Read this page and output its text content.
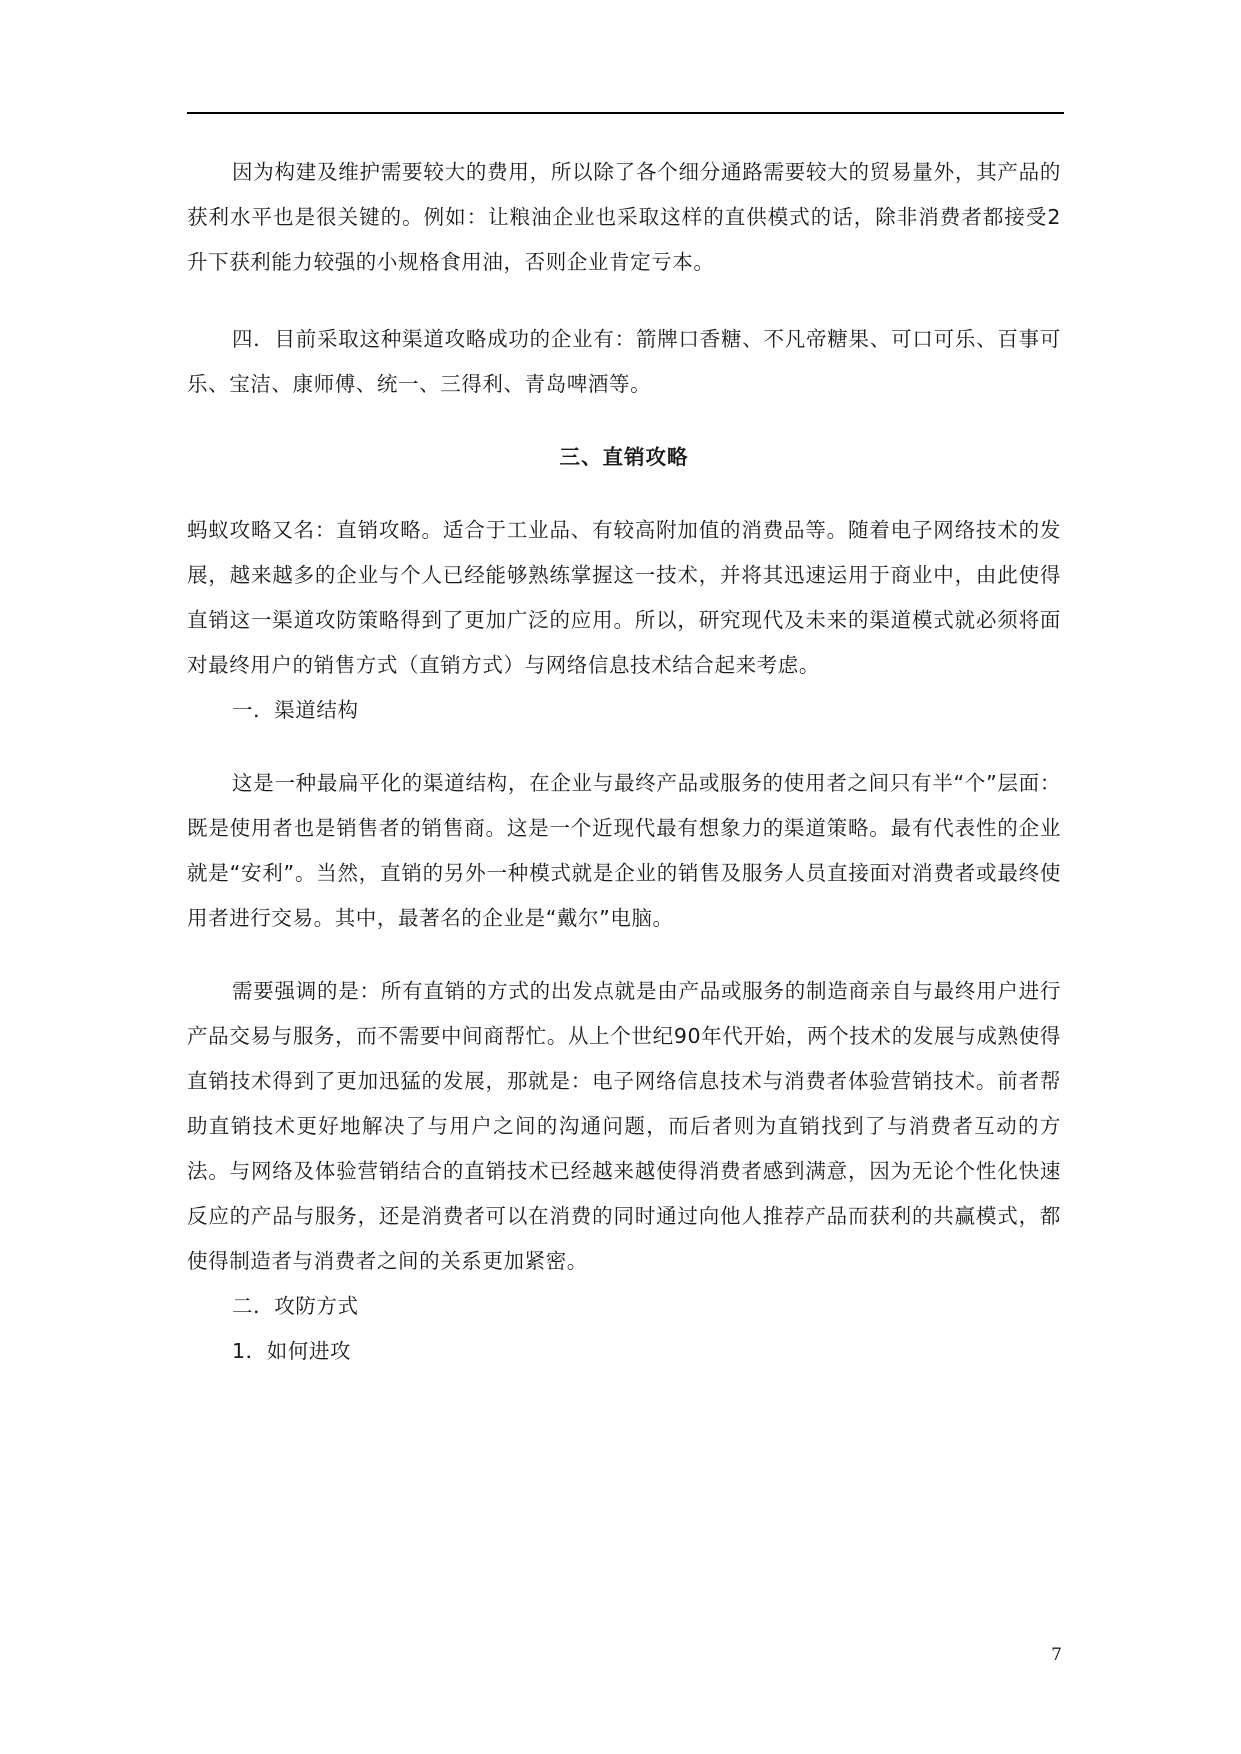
因为构建及维护需要较大的费用，所以除了各个细分通路需要较大的贸易量外，其产品的获利水平也是很关键的。例如：让粮油企业也采取这样的直供模式的话，除非消费者都接受2升下获利能力较强的小规格食用油，否则企业肯定亏本。

四．目前采取这种渠道攻略成功的企业有：箭牌口香糖、不凡帝糖果、可口可乐、百事可乐、宝洁、康师傅、统一、三得利、青岛啤酒等。

三、直销攻略

蚂蚁攻略又名：直销攻略。适合于工业品、有较高附加值的消费品等。随着电子网络技术的发展，越来越多的企业与个人已经能够熟练掌握这一技术，并将其迅速运用于商业中，由此使得直销这一渠道攻防策略得到了更加广泛的应用。所以，研究现代及未来的渠道模式就必须将面对最终用户的销售方式（直销方式）与网络信息技术结合起来考虑。

一．渠道结构

这是一种最扁平化的渠道结构，在企业与最终产品或服务的使用者之间只有半“个”层面：既是使用者也是销售者的销售商。这是一个近现代最有想象力的渠道策略。最有代表性的企业就是“安利”。当然，直销的另外一种模式就是企业的销售及服务人员直接面对消费者或最终使用者进行交易。其中，最著名的企业是“戴尔”电脑。

需要强调的是：所有直销的方式的出发点就是由产品或服务的制造商亲自与最终用户进行产品交易与服务，而不需要中间商帮忙。从上个世纪90年代开始，两个技术的发展与成熟使得直销技术得到了更加迅猛的发展，那就是：电子网络信息技术与消费者体验营销技术。前者帮助直销技术更好地解决了与用户之间的沟通问题，而后者则为直销找到了与消费者互动的方法。与网络及体验营销结合的直销技术已经越来越使得消费者感到满意，因为无论个性化快速反应的产品与服务，还是消费者可以在消费的同时通过向他人推荐产品而获利的共赢模式，都使得制造者与消费者之间的关系更加紧密。

二．攻防方式

1．如何进攻

7
